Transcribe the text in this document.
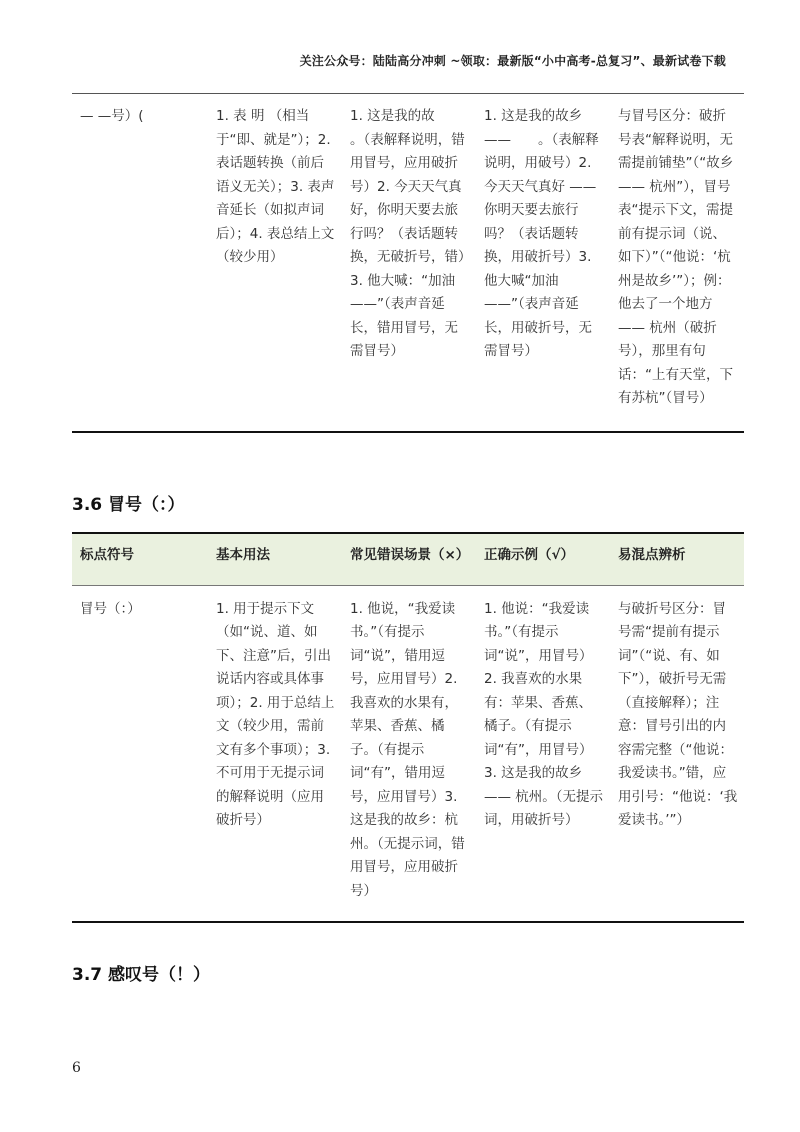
关注公众号：陆陆高分冲刺 ~领取：最新版“小中高考-总复习”、最新试卷下载
— —号）(	1. 表 明 （相当于“即、就是”）；2. 表话题转换（前后语义无关）；3. 表声音延长（如拟声词后）；4. 表总结上文（较少用）	1. 这是我的故　　。（表解释说明，错用冒号，应用破折号）2. 今天天气真好，你明天要去旅行吗？（表话题转换，无破折号，错）3. 他大喊：“加油——”（表声音延长，错用冒号，无需冒号）	1. 这是我的故乡——　　。（表解释说明，用破号）2. 今天天气真好 —— 你明天要去旅行吗？（表话题转换，用破折号）3. 他大喊“加油——”（表声音延长，用破折号，无需冒号）	与冒号区分：破折号表“解释说明，无需提前铺垫”（“故乡 —— 杭州”），冒号表“提示下文，需提前有提示词（说、如下）”（“他说：‘杭州是故乡’”）；例：他去了一个地方 —— 杭州（破折号），那里有句话：“上有天堂，下有苏杭”（冒号）
3.6 冒号（：）
标点符号	基本用法	常见错误场景（×）	正确示例（√）	易混点辨析
冒号（：）	1. 用于提示下文（如“说、道、如下、注意”后，引出说话内容或具体事项）；2. 用于总结上文（较少用，需前文有多个事项）；3. 不可用于无提示词的解释说明（应用破折号）	1. 他说，“我爱读书。”（有提示词“说”，错用逗号，应用冒号）2. 我喜欢的水果有，苹果、香蕉、橘子。（有提示词“有”，错用逗号，应用冒号）3. 这是我的故乡：杭州。（无提示词，错用冒号，应用破折号）	1. 他说：“我爱读书。”（有提示词“说”，用冒号）2. 我喜欢的水果有：苹果、香蕉、橘子。（有提示词“有”，用冒号）3. 这是我的故乡 —— 杭州。（无提示词，用破折号）	与破折号区分：冒号需“提前有提示词”（“说、有、如下”），破折号无需（直接解释）；注意：冒号引出的内容需完整（“他说：我爱读书。”错，应用引号：“他说：‘我爱读书。’”）
3.7 感叹号（！）
6
